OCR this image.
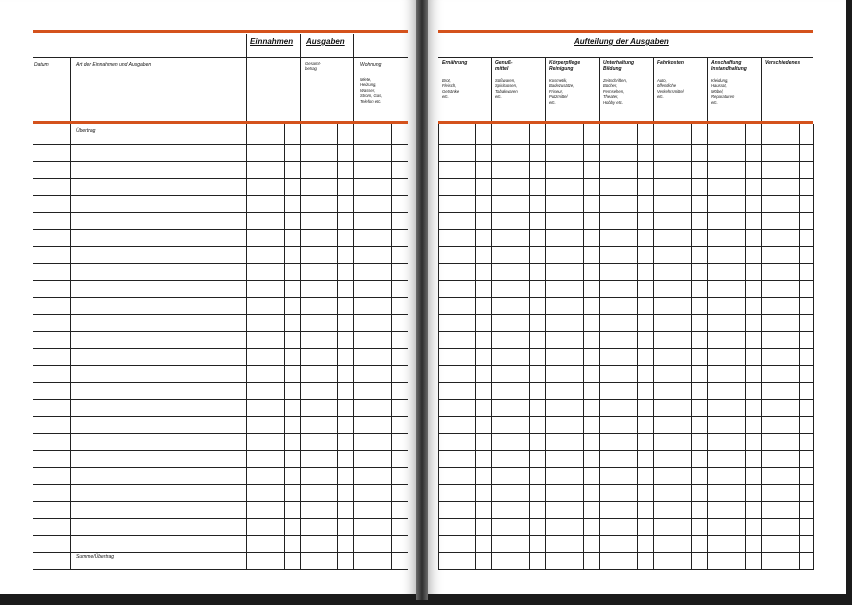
Einnahmen Ausgaben
Datum	Art der Einnahmen und Ausgaben	Gesamt-
betrag
Wohnung
Miete,
Heizung,
Wasser,
Strom, Gas,
Telefon etc.
Übertrag
Summe/Übertrag
Aufteilung der Ausgaben
Ernährung
Brot,
Fleisch,
Getränke
etc.
Genuß-
mittel
Süßwaren,
Spirituosen,
Tabakwaren
etc.
Körperpflege
Reinigung
Kosmetik,
Badezusätze,
Friseur,
Putzmittel
etc.
Unterhaltung
Bildung
Zeitschriften,
Bücher,
Fernsehen,
Theater,
Hobby etc.
Fahrkosten
Auto,
öffentliche
Verkehrsmittel
etc.
Anschaffung
Instandhaltung
Kleidung,
Hausrat,
Möbel,
Reparaturen
etc.
Verschiedenes
